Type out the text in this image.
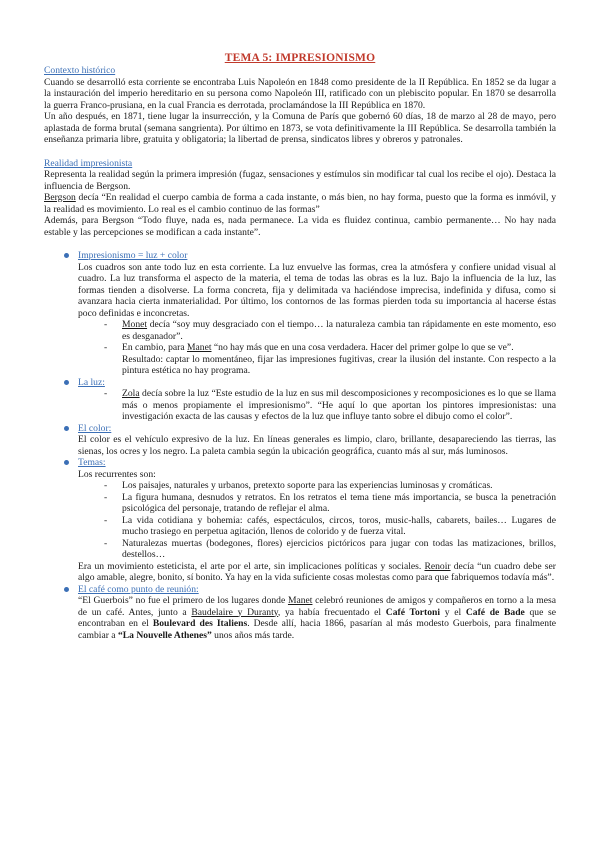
TEMA 5: IMPRESIONISMO
Contexto histórico

Cuando se desarrolló esta corriente se encontraba Luis Napoleón en 1848 como presidente de la II República. En 1852 se da lugar a la instauración del imperio hereditario en su persona como Napoleón III, ratificado con un plebiscito popular. En 1870 se desarrolla la guerra Franco-prusiana, en la cual Francia es derrotada, proclamándose la III República en 1870.

Un año después, en 1871, tiene lugar la insurrección, y la Comuna de París que gobernó 60 días, 18 de marzo al 28 de mayo, pero aplastada de forma brutal (semana sangrienta). Por último en 1873, se vota definitivamente la III República. Se desarrolla también la enseñanza primaria libre, gratuita y obligatoria; la libertad de prensa, sindicatos libres y obreros y patronales.

Realidad impresionista

Representa la realidad según la primera impresión (fugaz, sensaciones y estímulos sin modificar tal cual los recibe el ojo). Destaca la influencia de Bergson.

Bergson decía “En realidad el cuerpo cambia de forma a cada instante, o más bien, no hay forma, puesto que la forma es inmóvil, y la realidad es movimiento. Lo real es el cambio continuo de las formas”

Además, para Bergson “Todo fluye, nada es, nada permanece. La vida es fluidez continua, cambio permanente… No hay nada estable y las percepciones se modifican a cada instante”.

Impresionismo = luz + color

Los cuadros son ante todo luz en esta corriente. La luz envuelve las formas, crea la atmósfera y confiere unidad visual al cuadro. La luz transforma el aspecto de la materia, el tema de todas las obras es la luz. Bajo la influencia de la luz, las formas tienden a disolverse. La forma concreta, fija y delimitada va haciéndose imprecisa, indefinida y difusa, como si avanzara hacia cierta inmaterialidad. Por último, los contornos de las formas pierden toda su importancia al hacerse éstas poco definidas e inconcretas.

- Monet decía “soy muy desgraciado con el tiempo… la naturaleza cambia tan rápidamente en este momento, eso es desganador”.
- En cambio, para Manet “no hay más que en una cosa verdadera. Hacer del primer golpe lo que se ve”.

Resultado: captar lo momentáneo, fijar las impresiones fugitivas, crear la ilusión del instante. Con respecto a la pintura estética no hay programa.

La luz:
- Zola decía sobre la luz “Este estudio de la luz en sus mil descomposiciones y recomposiciones es lo que se llama más o menos propiamente el impresionismo”. “He aquí lo que aportan los pintores impresionistas: una investigación exacta de las causas y efectos de la luz que influye tanto sobre el dibujo como el color”.
El color:

El color es el vehículo expresivo de la luz. En líneas generales es limpio, claro, brillante, desapareciendo las tierras, las sienas, los ocres y los negro. La paleta cambia según la ubicación geográfica, cuanto más al sur, más luminosos.

Temas:

Los recurrentes son:

- Los paisajes, naturales y urbanos, pretexto soporte para las experiencias luminosas y cromáticas.
- La figura humana, desnudos y retratos. En los retratos el tema tiene más importancia, se busca la penetración psicológica del personaje, tratando de reflejar el alma.
- La vida cotidiana y bohemia: cafés, espectáculos, circos, toros, music-halls, cabarets, bailes… Lugares de mucho trasiego en perpetua agitación, llenos de colorido y de fuerza vital.
- Naturalezas muertas (bodegones, flores) ejercicios pictóricos para jugar con todas las matizaciones, brillos, destellos…

Era un movimiento esteticista, el arte por el arte, sin implicaciones políticas y sociales. Renoir decía “un cuadro debe ser algo amable, alegre, bonito, sí bonito. Ya hay en la vida suficiente cosas molestas como para que fabriquemos todavía más”.

El café como punto de reunión:

“El Guerbois” no fue el primero de los lugares donde Manet celebró reuniones de amigos y compañeros en torno a la mesa de un café. Antes, junto a Baudelaire y Duranty, ya había frecuentado el Café Tortoni y el Café de Bade que se encontraban en el Boulevard des Italiens. Desde allí, hacia 1866, pasarían al más modesto Guerbois, para finalmente cambiar a “La Nouvelle Athenes” unos años más tarde.
